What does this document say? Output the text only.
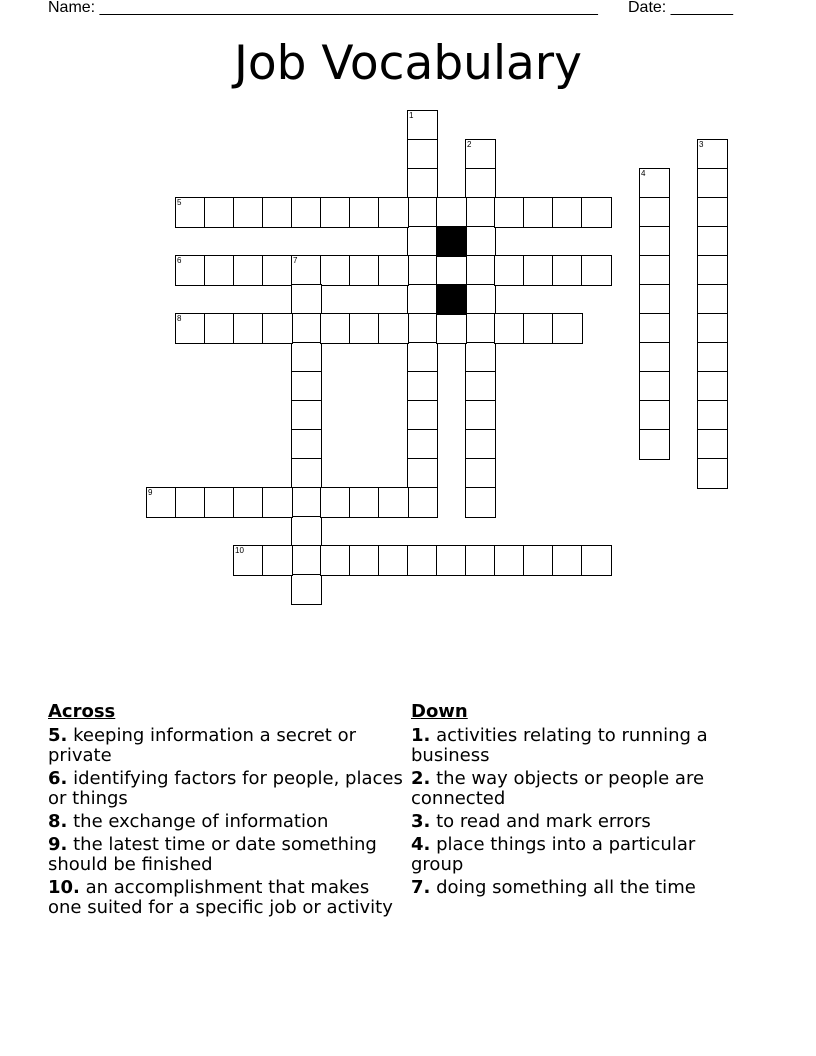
Name: ________________________________________________________ Date: _______
Job Vocabulary
1
2	3
4
5
6	7
8
9
10
Across
5. keeping information a secret or private
6. identifying factors for people, places or things
8. the exchange of information
9. the latest time or date something should be finished
10. an accomplishment that makes one suited for a specific job or activity
Down
1. activities relating to running a business
2. the way objects or people are connected
3. to read and mark errors
4. place things into a particular group
7. doing something all the time
